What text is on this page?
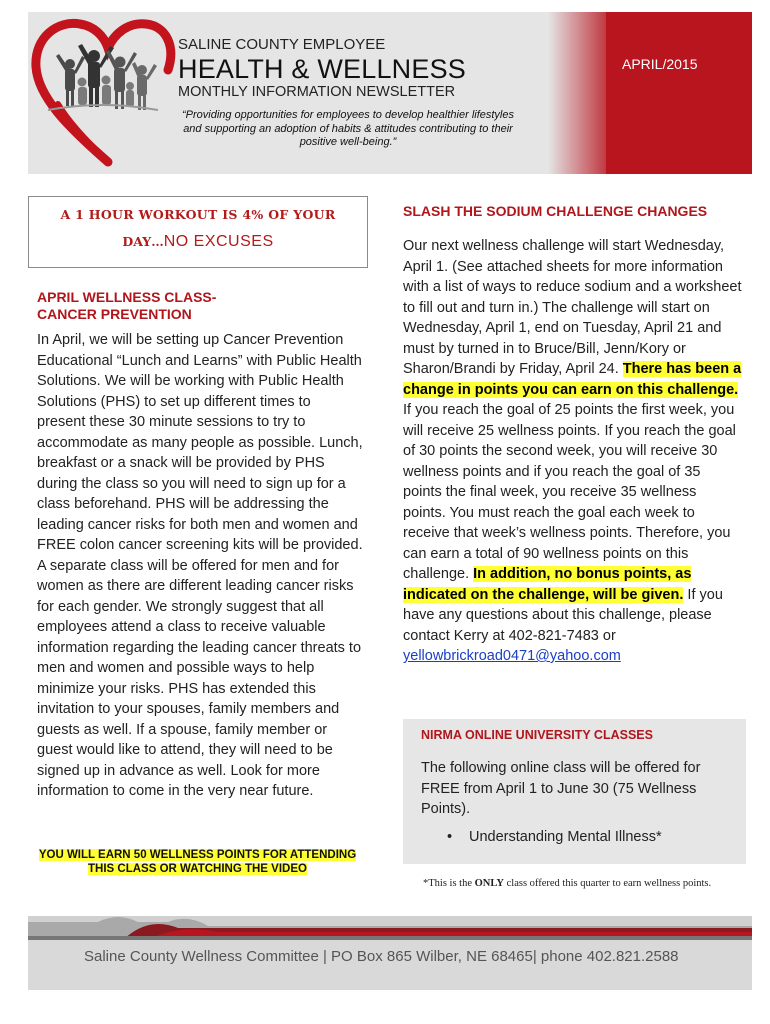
SALINE COUNTY EMPLOYEE
HEALTH & WELLNESS
MONTHLY INFORMATION NEWSLETTER
“Providing opportunities for employees to develop healthier lifestyles and supporting an adoption of habits & attitudes contributing to their positive well-being.”
APRIL/2015
A 1 HOUR WORKOUT IS 4% OF YOUR
DAY…NO EXCUSES
APRIL WELLNESS CLASS-
CANCER PREVENTION

In April, we will be setting up Cancer Prevention Educational “Lunch and Learns” with Public Health Solutions. We will be working with Public Health Solutions (PHS) to set up different times to present these 30 minute sessions to try to accommodate as many people as possible. Lunch, breakfast or a snack will be provided by PHS during the class so you will need to sign up for a class beforehand. PHS will be addressing the leading cancer risks for both men and women and FREE colon cancer screening kits will be provided. A separate class will be offered for men and for women as there are different leading cancer risks for each gender. We strongly suggest that all employees attend a class to receive valuable information regarding the leading cancer threats to men and women and possible ways to help minimize your risks. PHS has extended this invitation to your spouses, family members and guests as well. If a spouse, family member or guest would like to attend, they will need to be signed up in advance as well. Look for more information to come in the very near future.

YOU WILL EARN 50 WELLNESS POINTS FOR ATTENDING THIS CLASS OR WATCHING THE VIDEO
SLASH THE SODIUM CHALLENGE CHANGES

Our next wellness challenge will start Wednesday, April 1. (See attached sheets for more information with a list of ways to reduce sodium and a worksheet to fill out and turn in.) The challenge will start on Wednesday, April 1, end on Tuesday, April 21 and must by turned in to Bruce/Bill, Jenn/Kory or Sharon/Brandi by Friday, April 24. There has been a change in points you can earn on this challenge. If you reach the goal of 25 points the first week, you will receive 25 wellness points. If you reach the goal of 30 points the second week, you will receive 30 wellness points and if you reach the goal of 35 points the final week, you receive 35 wellness points. You must reach the goal each week to receive that week’s wellness points. Therefore, you can earn a total of 90 wellness points on this challenge. In addition, no bonus points, as indicated on the challenge, will be given. If you have any questions about this challenge, please contact Kerry at 402-821-7483 or yellowbrickroad0471@yahoo.com

NIRMA ONLINE UNIVERSITY CLASSES

The following online class will be offered for FREE from April 1 to June 30 (75 Wellness Points).

• Understanding Mental Illness*
*This is the ONLY class offered this quarter to earn wellness points.
Saline County Wellness Committee | PO Box 865 Wilber, NE 68465| phone 402.821.2588
